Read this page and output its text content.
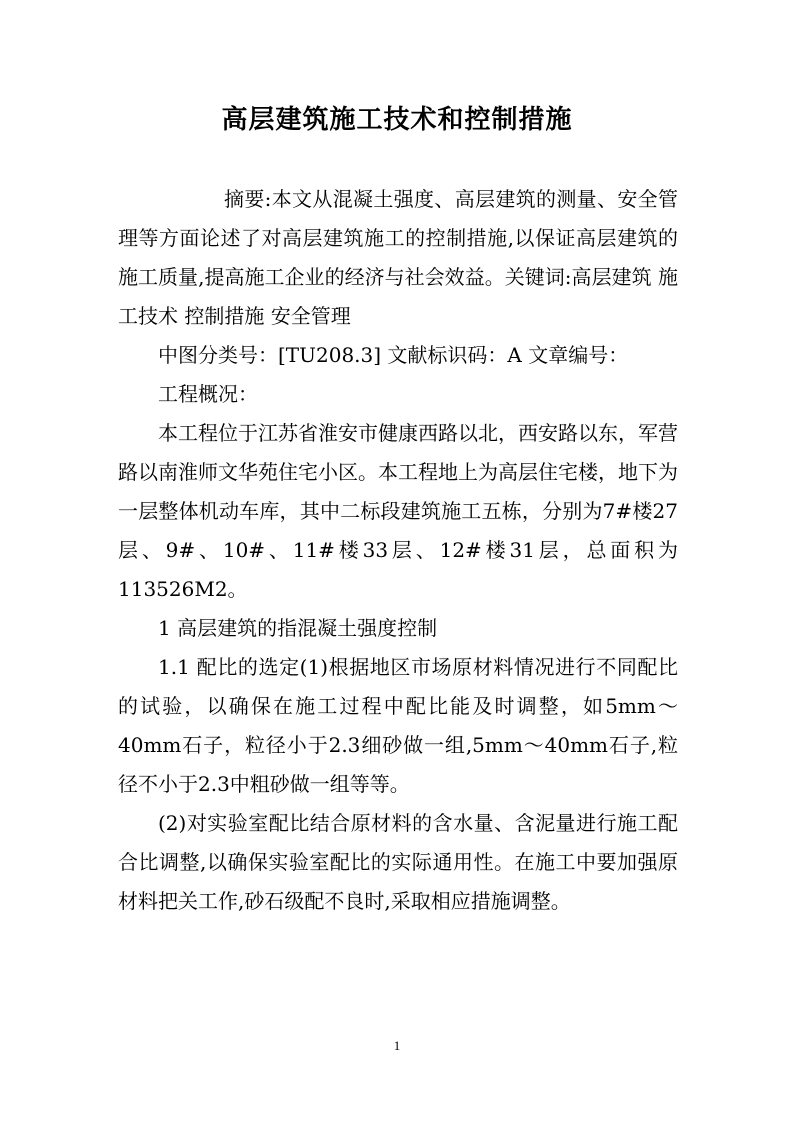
高层建筑施工技术和控制措施

摘要:本文从混凝土强度、高层建筑的测量、安全管理等方面论述了对高层建筑施工的控制措施,以保证高层建筑的施工质量,提高施工企业的经济与社会效益。关键词:高层建筑 施工技术 控制措施 安全管理

中图分类号：[TU208.3] 文献标识码：A 文章编号：

工程概况：

本工程位于江苏省淮安市健康西路以北，西安路以东，军营路以南淮师文华苑住宅小区。本工程地上为高层住宅楼，地下为一层整体机动车库，其中二标段建筑施工五栋，分别为7#楼27层、9#、10#、11#楼33层、12#楼31层，总面积为113526M2。

1 高层建筑的指混凝土强度控制

1.1 配比的选定(1)根据地区市场原材料情况进行不同配比的试验，以确保在施工过程中配比能及时调整，如5mm～40mm石子，粒径小于2.3细砂做一组,5mm～40mm石子,粒径不小于2.3中粗砂做一组等等。

(2)对实验室配比结合原材料的含水量、含泥量进行施工配合比调整,以确保实验室配比的实际通用性。在施工中要加强原材料把关工作,砂石级配不良时,采取相应措施调整。

1
